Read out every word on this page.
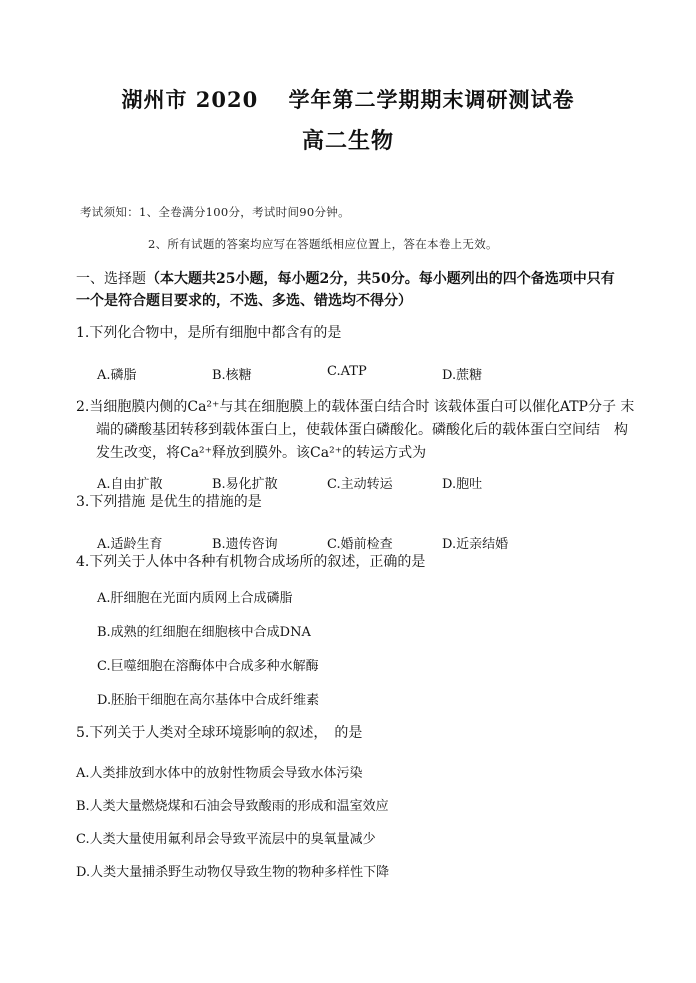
湖州市 2020　 学年第二学期期末调研测试卷
高二生物
考试须知：1、全卷满分100分，考试时间90分钟。
2、所有试题的答案均应写在答题纸相应位置上，答在本卷上无效。
一、选择题（本大题共25小题，每小题2分，共50分。每小题列出的四个备选项中只有　一个是符合题目要求的，不选、多选、错选均不得分）
1.下列化合物中，是所有细胞中都含有的是
A.磷脂	B.核糖	C.ATP	D.蔗糖
2.当细胞膜内侧的Ca²⁺与其在细胞膜上的载体蛋白结合时 该载体蛋白可以催化ATP分子 末
端的磷酸基团转移到载体蛋白上，使载体蛋白磷酸化。磷酸化后的载体蛋白空间结　构
发生改变，将Ca²⁺释放到膜外。该Ca²⁺的转运方式为
A.自由扩散	B.易化扩散	C.主动转运	D.胞吐
3.下列措施 是优生的措施的是
A.适龄生育	B.遗传咨询	C.婚前检查	D.近亲结婚
4.下列关于人体中各种有机物合成场所的叙述，正确的是
A.肝细胞在光面内质网上合成磷脂
B.成熟的红细胞在细胞核中合成DNA
C.巨噬细胞在溶酶体中合成多种水解酶
D.胚胎干细胞在高尔基体中合成纤维素
5.下列关于人类对全球环境影响的叙述，　的是
A.人类排放到水体中的放射性物质会导致水体污染
B.人类大量燃烧煤和石油会导致酸雨的形成和温室效应
C.人类大量使用氟利昂会导致平流层中的臭氧量减少
D.人类大量捕杀野生动物仅导致生物的物种多样性下降
